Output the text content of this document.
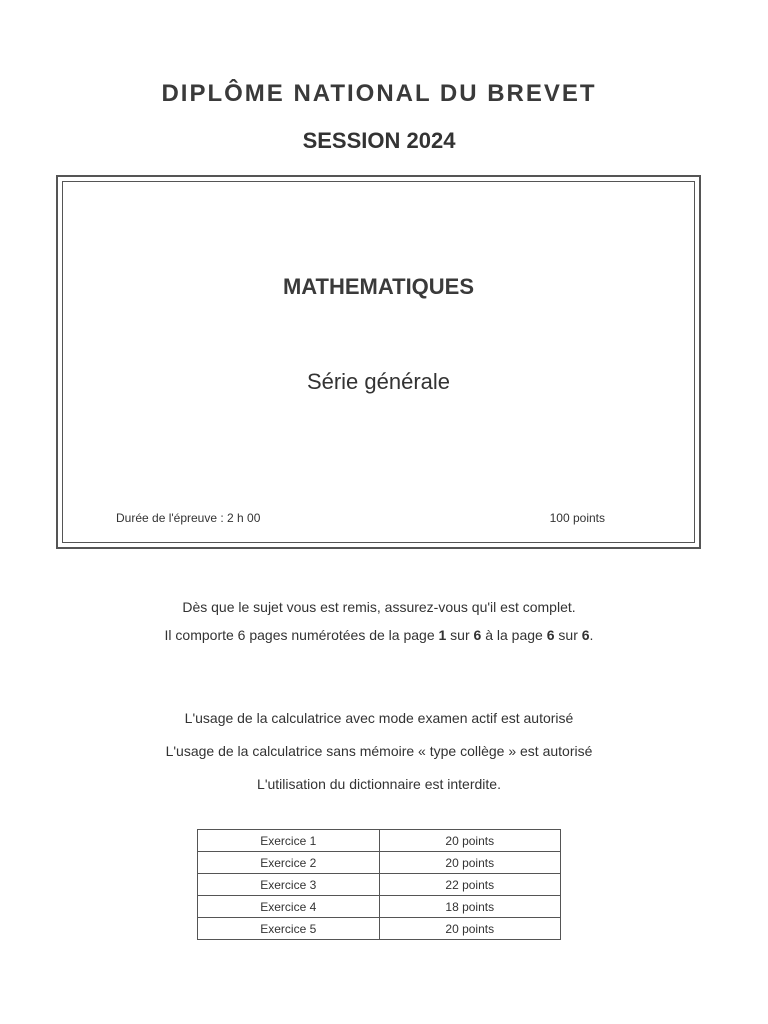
DIPLÔME NATIONAL DU BREVET
SESSION 2024
MATHEMATIQUES
Série générale
Durée de l'épreuve : 2 h 00	100 points
Dès que le sujet vous est remis, assurez-vous qu'il est complet.
Il comporte 6 pages numérotées de la page 1 sur 6 à la page 6 sur 6.
L'usage de la calculatrice avec mode examen actif est autorisé
L'usage de la calculatrice sans mémoire « type collège » est autorisé
L'utilisation du dictionnaire est interdite.
Exercice 1	20 points
Exercice 2	20 points
Exercice 3	22 points
Exercice 4	18 points
Exercice 5	20 points
